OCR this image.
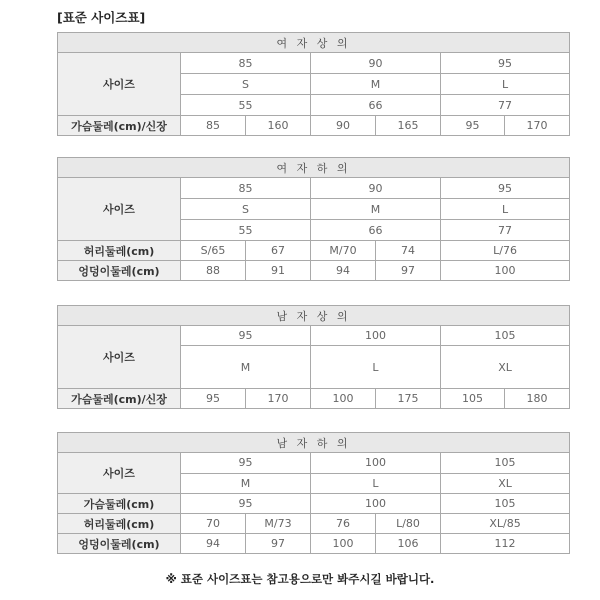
[표준 사이즈표]
여 자 상 의						
사이즈	85		90		95	
	S		M		L	
	55		66		77	
가슴둘레(cm)/신장	85	160	90	165	95	170
여 자 하 의					
사이즈	85		90		95
	S		M		L
	55		66		77
허리둘레(cm)	S/65	67	M/70	74	L/76
엉덩이둘레(cm)	88	91	94	97	100
남 자 상 의						
사이즈	95		100		105	
	M		L		XL	
가슴둘레(cm)/신장	95	170	100	175	105	180
남 자 하 의					
사이즈	95		100		105
	M		L		XL
가슴둘레(cm)	95		100		105
허리둘레(cm)	70	M/73	76	L/80	XL/85
엉덩이둘레(cm)	94	97	100	106	112
※ 표준 사이즈표는 참고용으로만 봐주시길 바랍니다.
